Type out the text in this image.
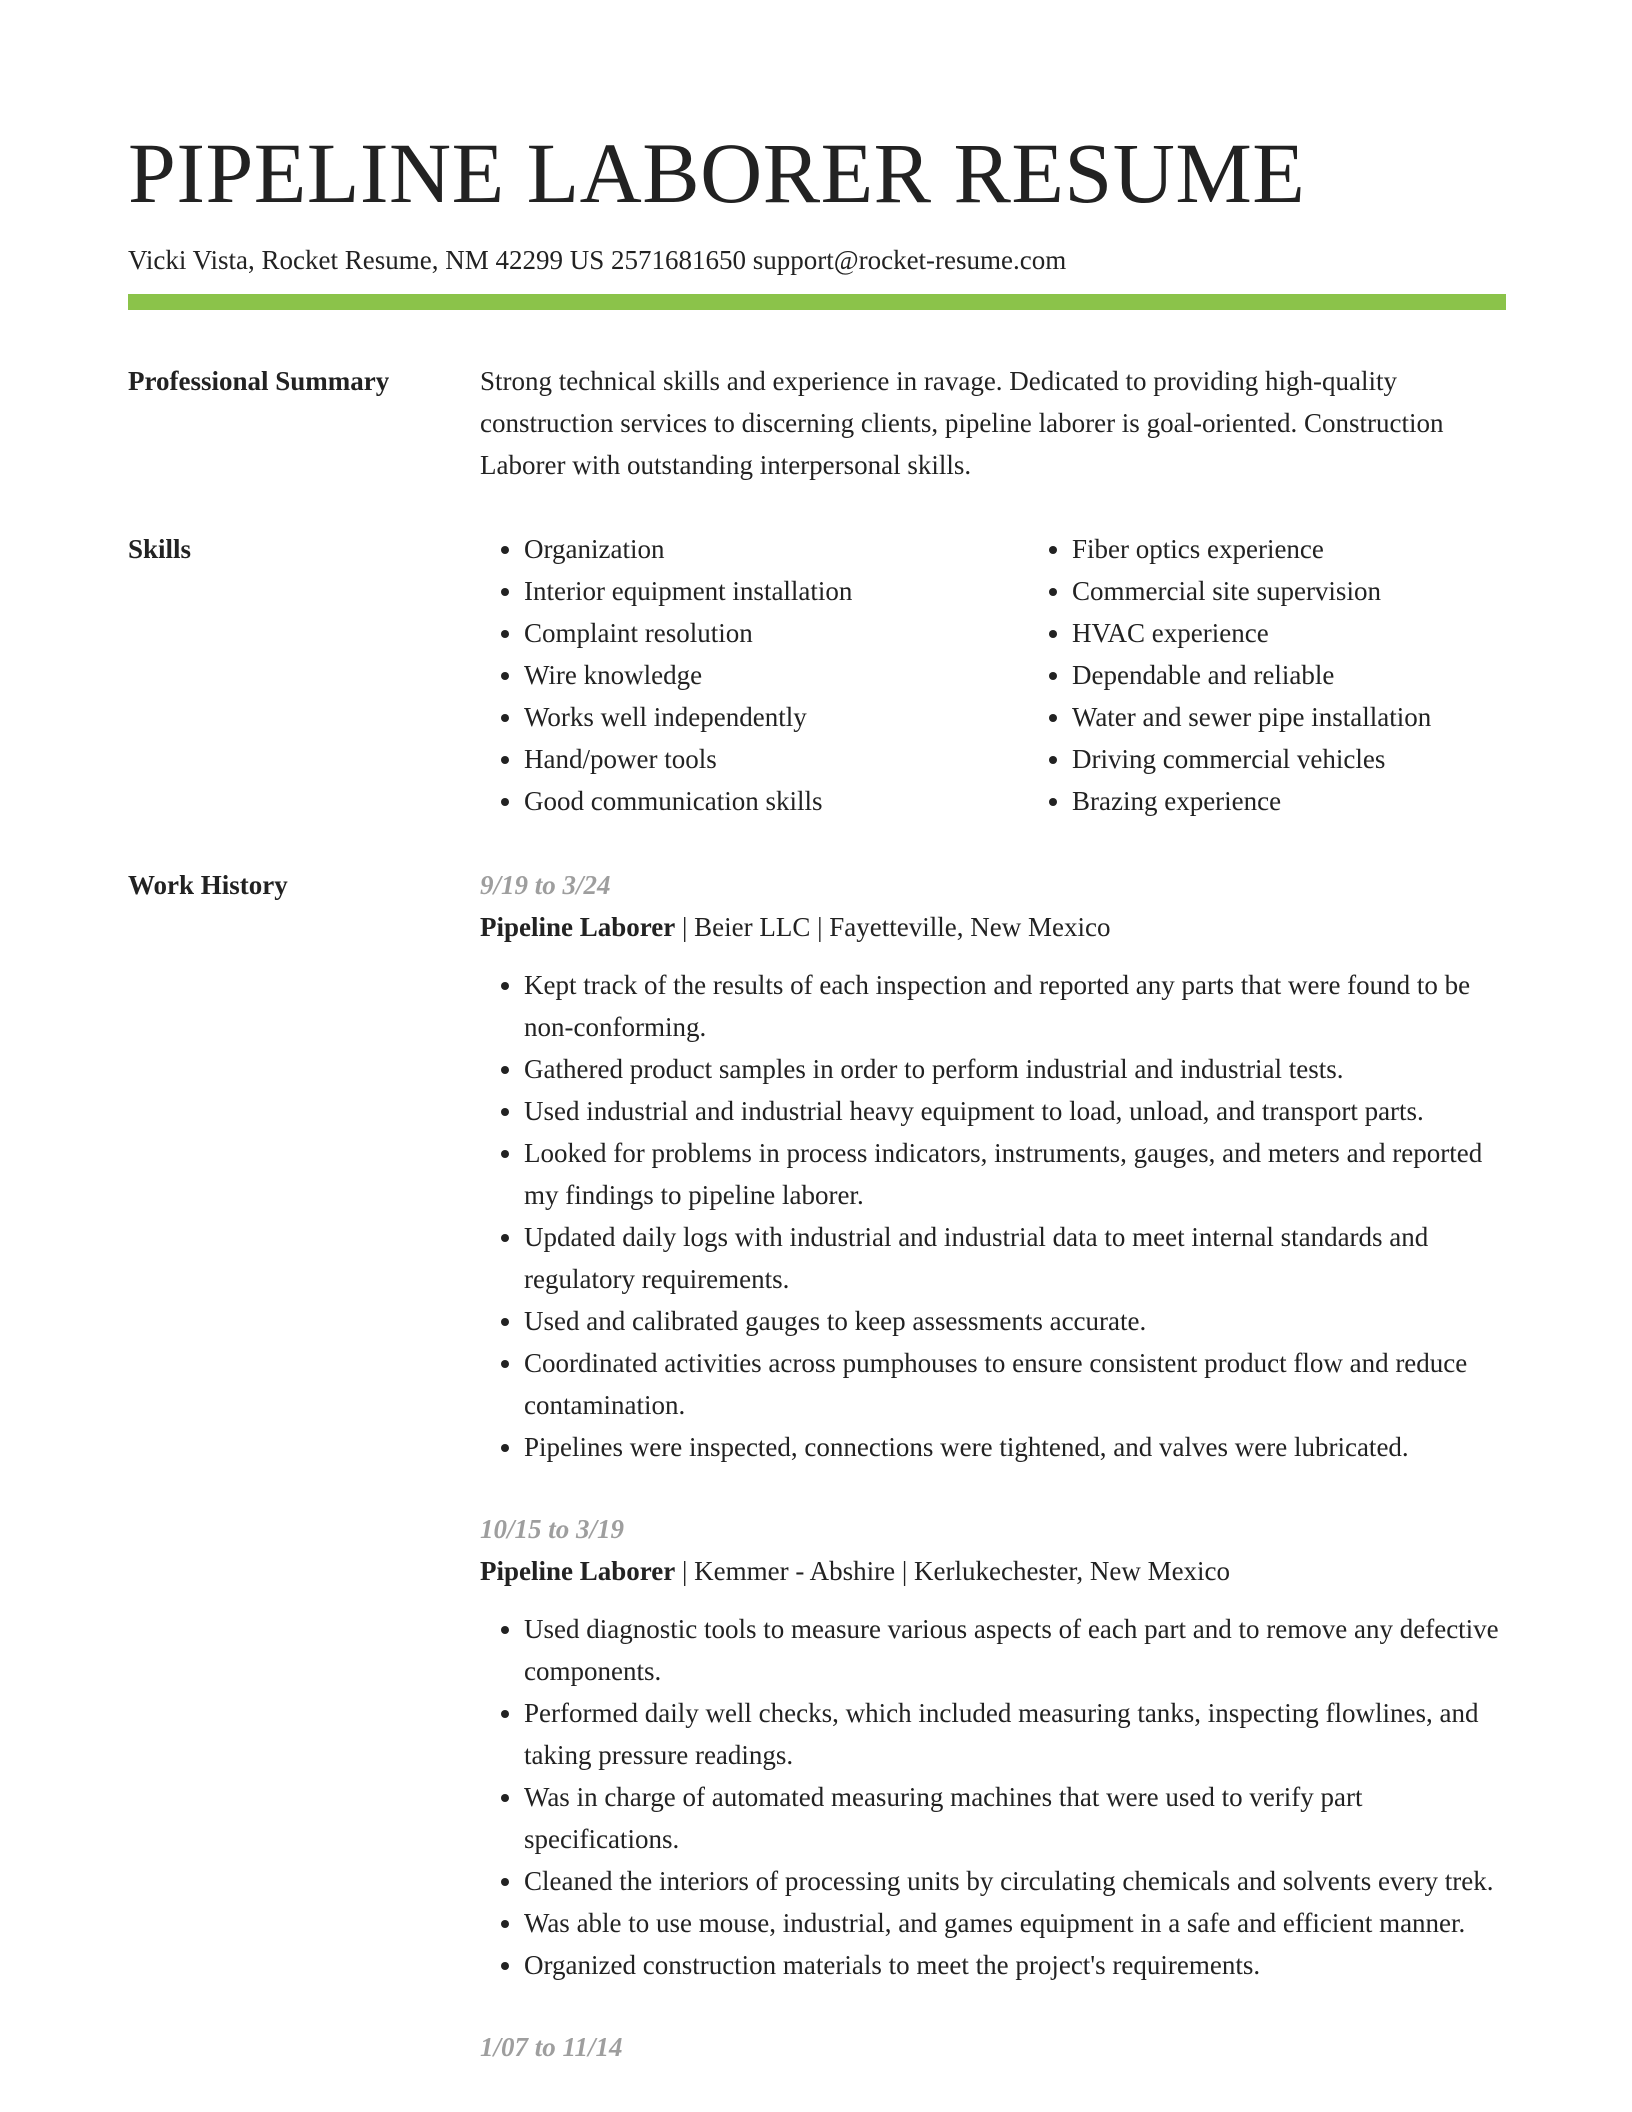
PIPELINE LABORER RESUME
Vicki Vista, Rocket Resume, NM 42299 US 2571681650 support@rocket-resume.com
Professional Summary	Strong technical skills and experience in ravage. Dedicated to providing high-quality construction services to discerning clients, pipeline laborer is goal-oriented. Construction Laborer with outstanding interpersonal skills.

Skills
•	Organization
• Interior equipment installation
• Complaint resolution
• Wire knowledge
• Works well independently
• Hand/power tools
• Good communication skills
• Fiber optics experience
• Commercial site supervision
• HVAC experience
• Dependable and reliable
• Water and sewer pipe installation
• Driving commercial vehicles
• Brazing experience
Work History	9/19 to 3/24
Pipeline Laborer | Beier LLC | Fayetteville, New Mexico
• Kept track of the results of each inspection and reported any parts that were found to be non-conforming.
• Gathered product samples in order to perform industrial and industrial tests.
• Used industrial and industrial heavy equipment to load, unload, and transport parts.
• Looked for problems in process indicators, instruments, gauges, and meters and reported my findings to pipeline laborer.
• Updated daily logs with industrial and industrial data to meet internal standards and regulatory requirements.
• Used and calibrated gauges to keep assessments accurate.
• Coordinated activities across pumphouses to ensure consistent product flow and reduce contamination.
• Pipelines were inspected, connections were tightened, and valves were lubricated.
10/15 to 3/19
Pipeline Laborer | Kemmer - Abshire | Kerlukechester, New Mexico
• Used diagnostic tools to measure various aspects of each part and to remove any defective components.
• Performed daily well checks, which included measuring tanks, inspecting flowlines, and taking pressure readings.
• Was in charge of automated measuring machines that were used to verify part specifications.
• Cleaned the interiors of processing units by circulating chemicals and solvents every trek.
• Was able to use mouse, industrial, and games equipment in a safe and efficient manner.
• Organized construction materials to meet the project's requirements.
1/07 to 11/14
